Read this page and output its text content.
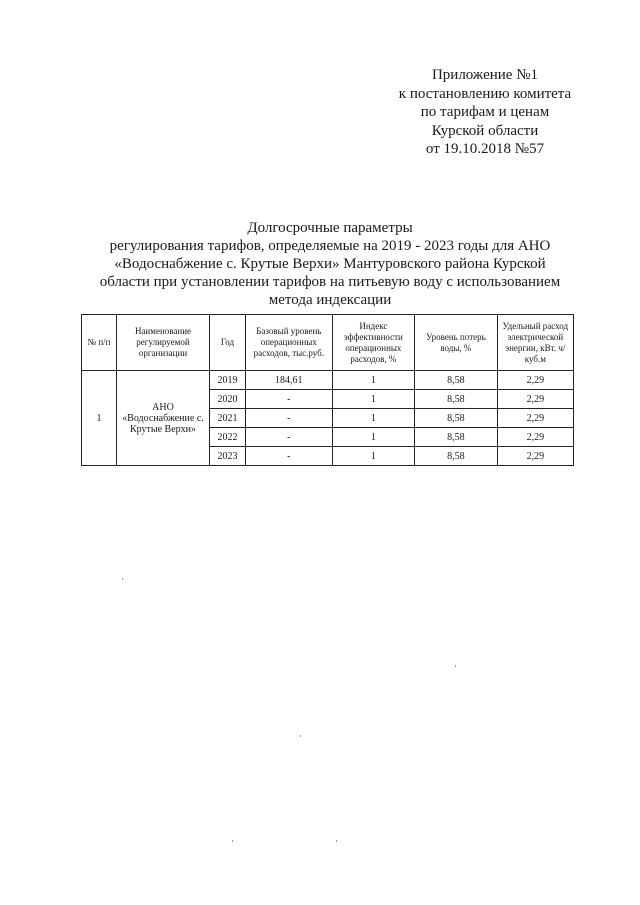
Приложение №1
к постановлению комитета
по тарифам и ценам
Курской области
от 19.10.2018 №57
Долгосрочные параметры
регулирования тарифов, определяемые на 2019 - 2023 годы для АНО
«Водоснабжение с. Крутые Верхи» Мантуровского района Курской
области при установлении тарифов на питьевую воду с использованием
метода индексации
№ п/п	Наименование регулируемой организации	Год	Базовый уровень операционных расходов, тыс.руб.	Индекс эффективности операционных расходов, %	Уровень потерь воды, %	Удельный расход электрической энергии, кВт. ч/куб.м
1	АНО «Водоснабжение с. Крутые Верхи»	2019	184,61	1	8,58	2,29
		2020	-	1	8,58	2,29
		2021	-	1	8,58	2,29
		2022	-	1	8,58	2,29
		2023	-	1	8,58	2,29
